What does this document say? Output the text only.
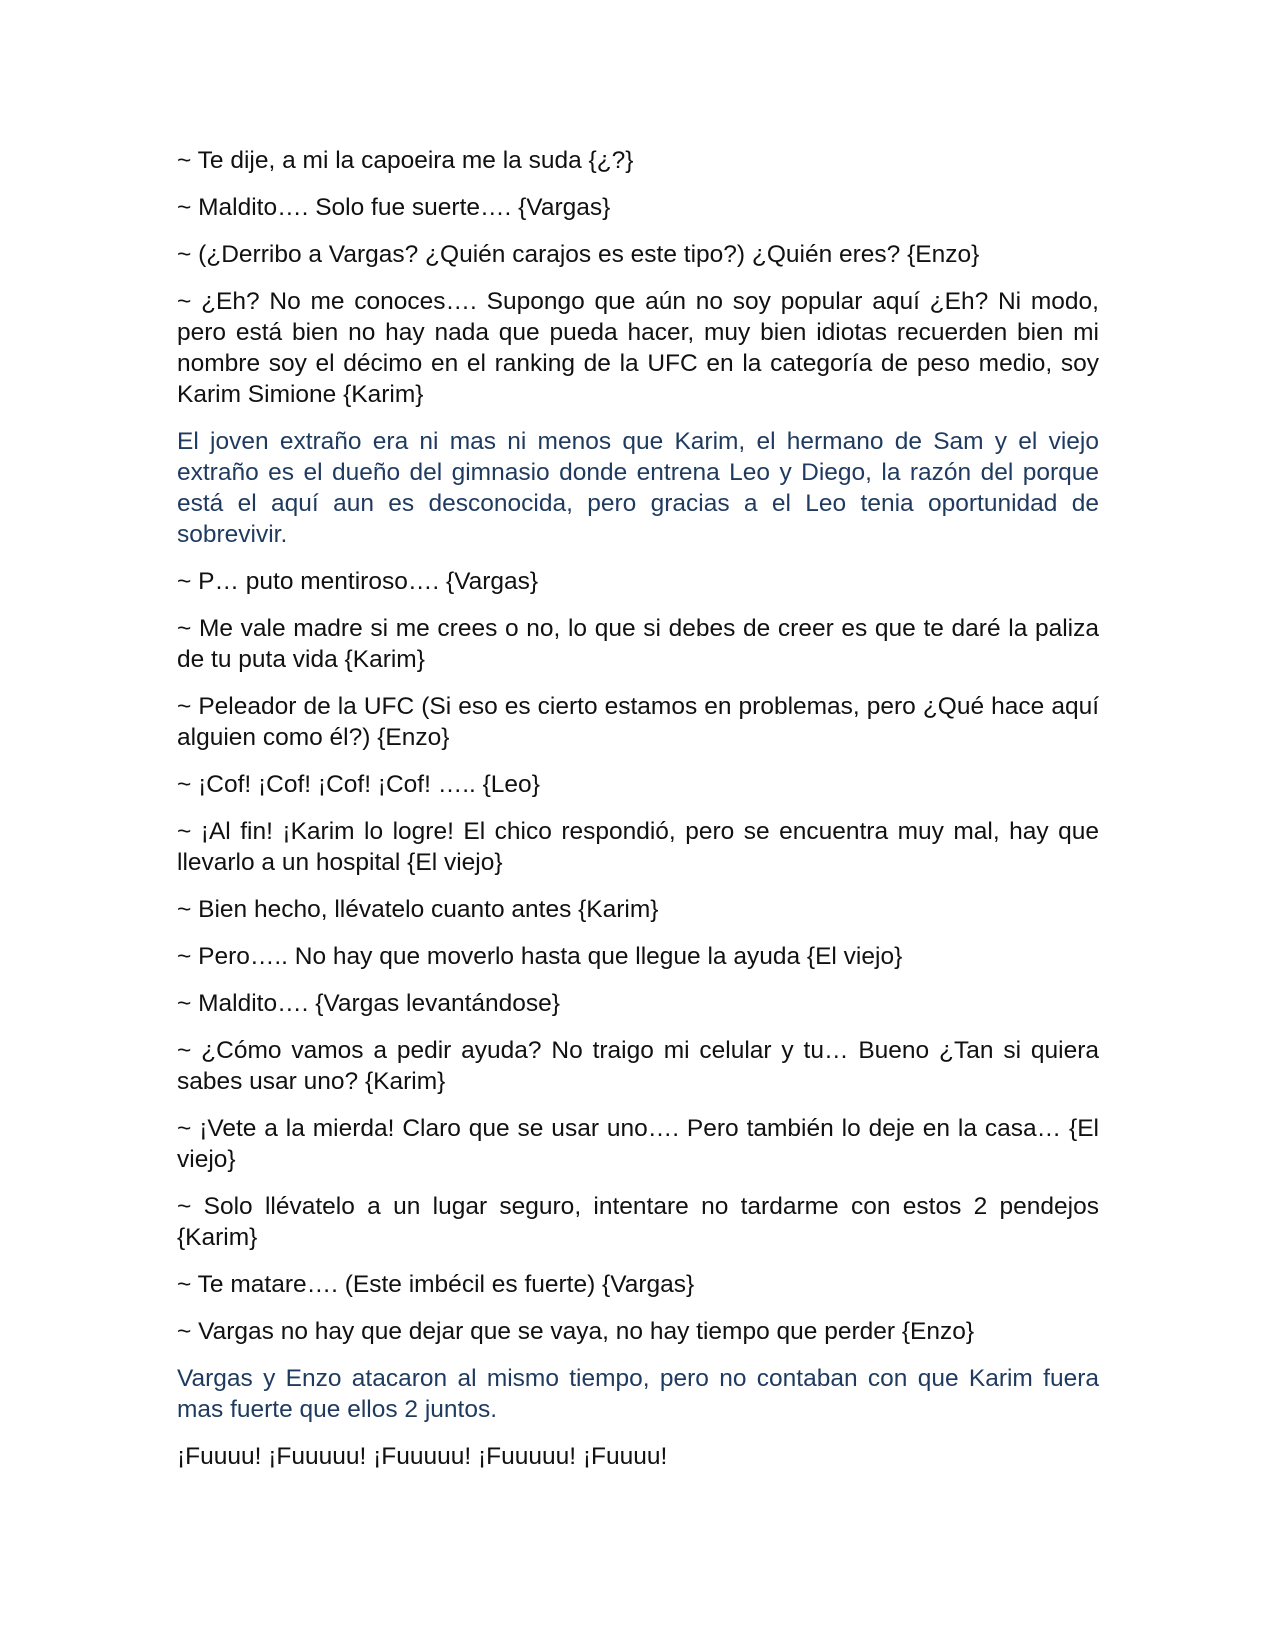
~ Te dije, a mi la capoeira me la suda {¿?}

~ Maldito…. Solo fue suerte…. {Vargas}

~ (¿Derribo a Vargas? ¿Quién carajos es este tipo?) ¿Quién eres? {Enzo}

~ ¿Eh? No me conoces…. Supongo que aún no soy popular aquí ¿Eh? Ni modo, pero está bien no hay nada que pueda hacer, muy bien idiotas recuerden bien mi nombre soy el décimo en el ranking de la UFC en la categoría de peso medio, soy Karim Simione {Karim}

El joven extraño era ni mas ni menos que Karim, el hermano de Sam y el viejo extraño es el dueño del gimnasio donde entrena Leo y Diego, la razón del porque está el aquí aun es desconocida, pero gracias a el Leo tenia oportunidad de sobrevivir.

~ P… puto mentiroso…. {Vargas}

~ Me vale madre si me crees o no, lo que si debes de creer es que te daré la paliza de tu puta vida {Karim}

~ Peleador de la UFC (Si eso es cierto estamos en problemas, pero ¿Qué hace aquí alguien como él?) {Enzo}

~ ¡Cof! ¡Cof! ¡Cof! ¡Cof! ….. {Leo}

~ ¡Al fin! ¡Karim lo logre! El chico respondió, pero se encuentra muy mal, hay que llevarlo a un hospital {El viejo}

~ Bien hecho, llévatelo cuanto antes {Karim}

~ Pero….. No hay que moverlo hasta que llegue la ayuda {El viejo}

~ Maldito…. {Vargas levantándose}

~ ¿Cómo vamos a pedir ayuda? No traigo mi celular y tu… Bueno ¿Tan si quiera sabes usar uno? {Karim}

~ ¡Vete a la mierda! Claro que se usar uno…. Pero también lo deje en la casa… {El viejo}

~ Solo llévatelo a un lugar seguro, intentare no tardarme con estos 2 pendejos {Karim}

~ Te matare…. (Este imbécil es fuerte) {Vargas}

~ Vargas no hay que dejar que se vaya, no hay tiempo que perder {Enzo}

Vargas y Enzo atacaron al mismo tiempo, pero no contaban con que Karim fuera mas fuerte que ellos 2 juntos.

¡Fuuuu! ¡Fuuuuu! ¡Fuuuuu! ¡Fuuuuu! ¡Fuuuu!
